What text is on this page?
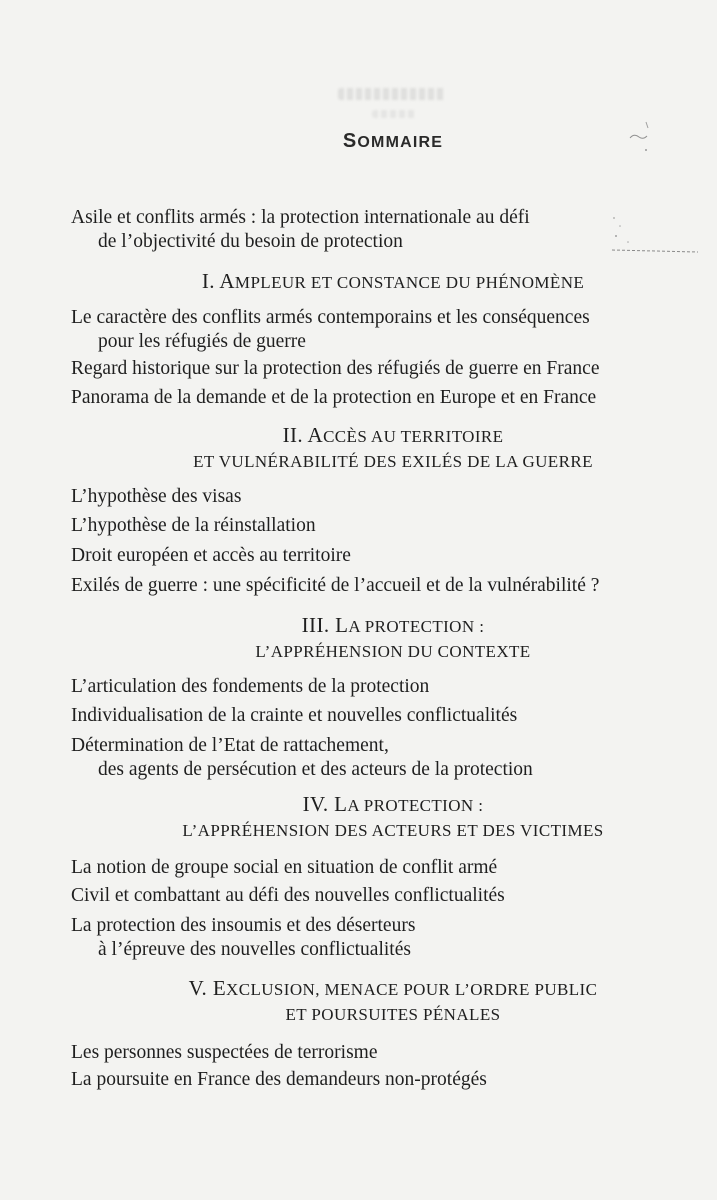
SOMMAIRE
Asile et conflits armés : la protection internationale au défi
de l’objectivité du besoin de protection
I. AMPLEUR ET CONSTANCE DU PHÉNOMÈNE
Le caractère des conflits armés contemporains et les conséquences
pour les réfugiés de guerre
Regard historique sur la protection des réfugiés de guerre en France
Panorama de la demande et de la protection en Europe et en France
II. ACCÈS AU TERRITOIRE
ET VULNÉRABILITÉ DES EXILÉS DE LA GUERRE
L’hypothèse des visas
L’hypothèse de la réinstallation
Droit européen et accès au territoire
Exilés de guerre : une spécificité de l’accueil et de la vulnérabilité ?
III. LA PROTECTION :
L’APPRÉHENSION DU CONTEXTE
L’articulation des fondements de la protection
Individualisation de la crainte et nouvelles conflictualités
Détermination de l’Etat de rattachement,
des agents de persécution et des acteurs de la protection
IV. LA PROTECTION :
L’APPRÉHENSION DES ACTEURS ET DES VICTIMES
La notion de groupe social en situation de conflit armé
Civil et combattant au défi des nouvelles conflictualités
La protection des insoumis et des déserteurs
à l’épreuve des nouvelles conflictualités
V. EXCLUSION, MENACE POUR L’ORDRE PUBLIC
ET POURSUITES PÉNALES
Les personnes suspectées de terrorisme
La poursuite en France des demandeurs non-protégés
